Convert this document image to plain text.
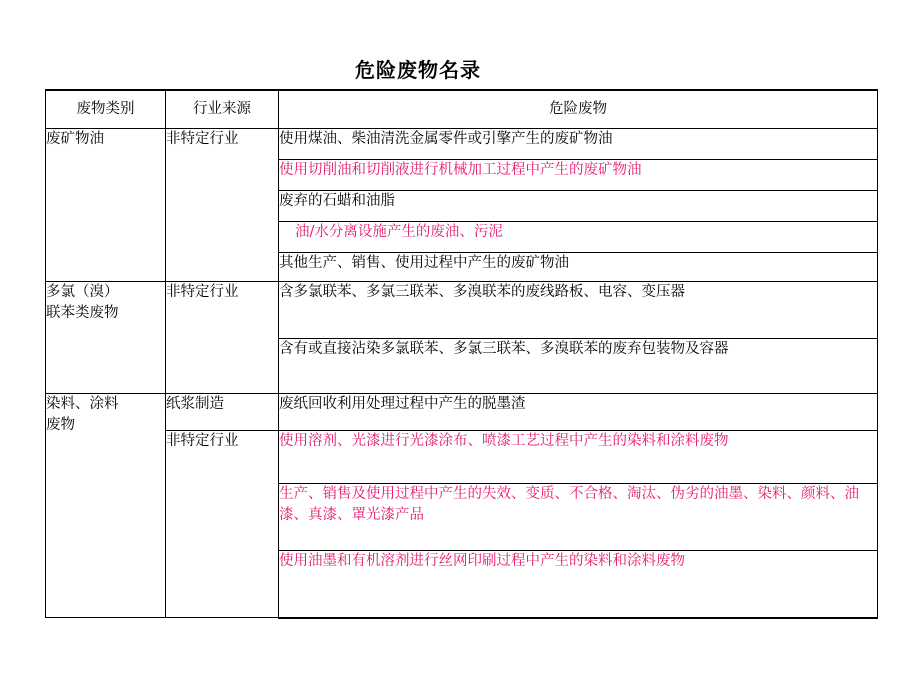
危险废物名录
废物类别	行业来源	危险废物

废矿物油	非特定行业	使用煤油、柴油清洗金属零件或引擎产生的废矿物油
		使用切削油和切削液进行机械加工过程中产生的废矿物油
		废弃的石蜡和油脂
		油/水分离设施产生的废油、污泥
		其他生产、销售、使用过程中产生的废矿物油

多氯（溴）
联苯类废物	非特定行业	含多氯联苯、多氯三联苯、多溴联苯的废线路板、电容、变压器
		含有或直接沾染多氯联苯、多氯三联苯、多溴联苯的废弃包装物及容器

染料、涂料
废物	纸浆制造	废纸回收利用处理过程中产生的脱墨渣

	非特定行业	使用溶剂、光漆进行光漆涂布、喷漆工艺过程中产生的染料和涂料废物
		生产、销售及使用过程中产生的失效、变质、不合格、淘汰、伪劣的油墨、染料、颜料、油漆、真漆、罩光漆产品
		使用油墨和有机溶剂进行丝网印刷过程中产生的染料和涂料废物
